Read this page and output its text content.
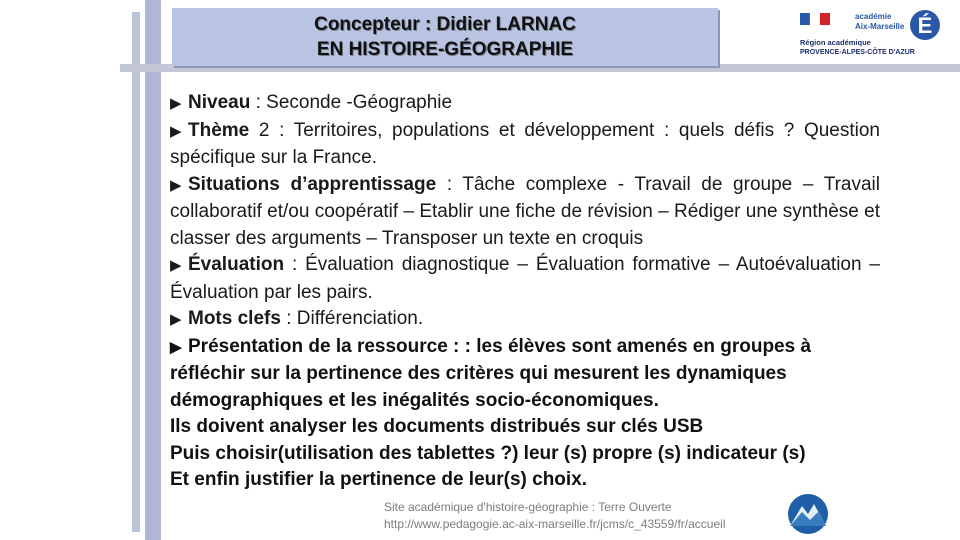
Concepteur : Didier LARNAC
EN HISTOIRE-GÉOGRAPHIE
académie
Aix-Marseille É
Région académique
PROVENCE-ALPES-CÔTE D'AZUR

▶ Niveau : Seconde -Géographie

▶ Thème 2 : Territoires, populations et développement : quels défis ? Question spécifique sur la France.

▶ Situations d’apprentissage : Tâche complexe - Travail de groupe – Travail collaboratif et/ou coopératif – Etablir une fiche de révision – Rédiger une synthèse et classer des arguments – Transposer un texte en croquis

▶ Évaluation : Évaluation diagnostique – Évaluation formative – Autoévaluation – Évaluation par les pairs.

▶ Mots clefs : Différenciation.

▶ Présentation de la ressource : : les élèves sont amenés en groupes à réfléchir sur la pertinence des critères qui mesurent les dynamiques démographiques et les inégalités socio-économiques.

Ils doivent analyser les documents distribués sur clés USB

Puis choisir(utilisation des tablettes ?) leur (s) propre (s) indicateur (s)

Et enfin justifier la pertinence de leur(s) choix.

Site académique d'histoire-géographie : Terre Ouverte
http://www.pedagogie.ac-aix-marseille.fr/jcms/c_43559/fr/accueil
